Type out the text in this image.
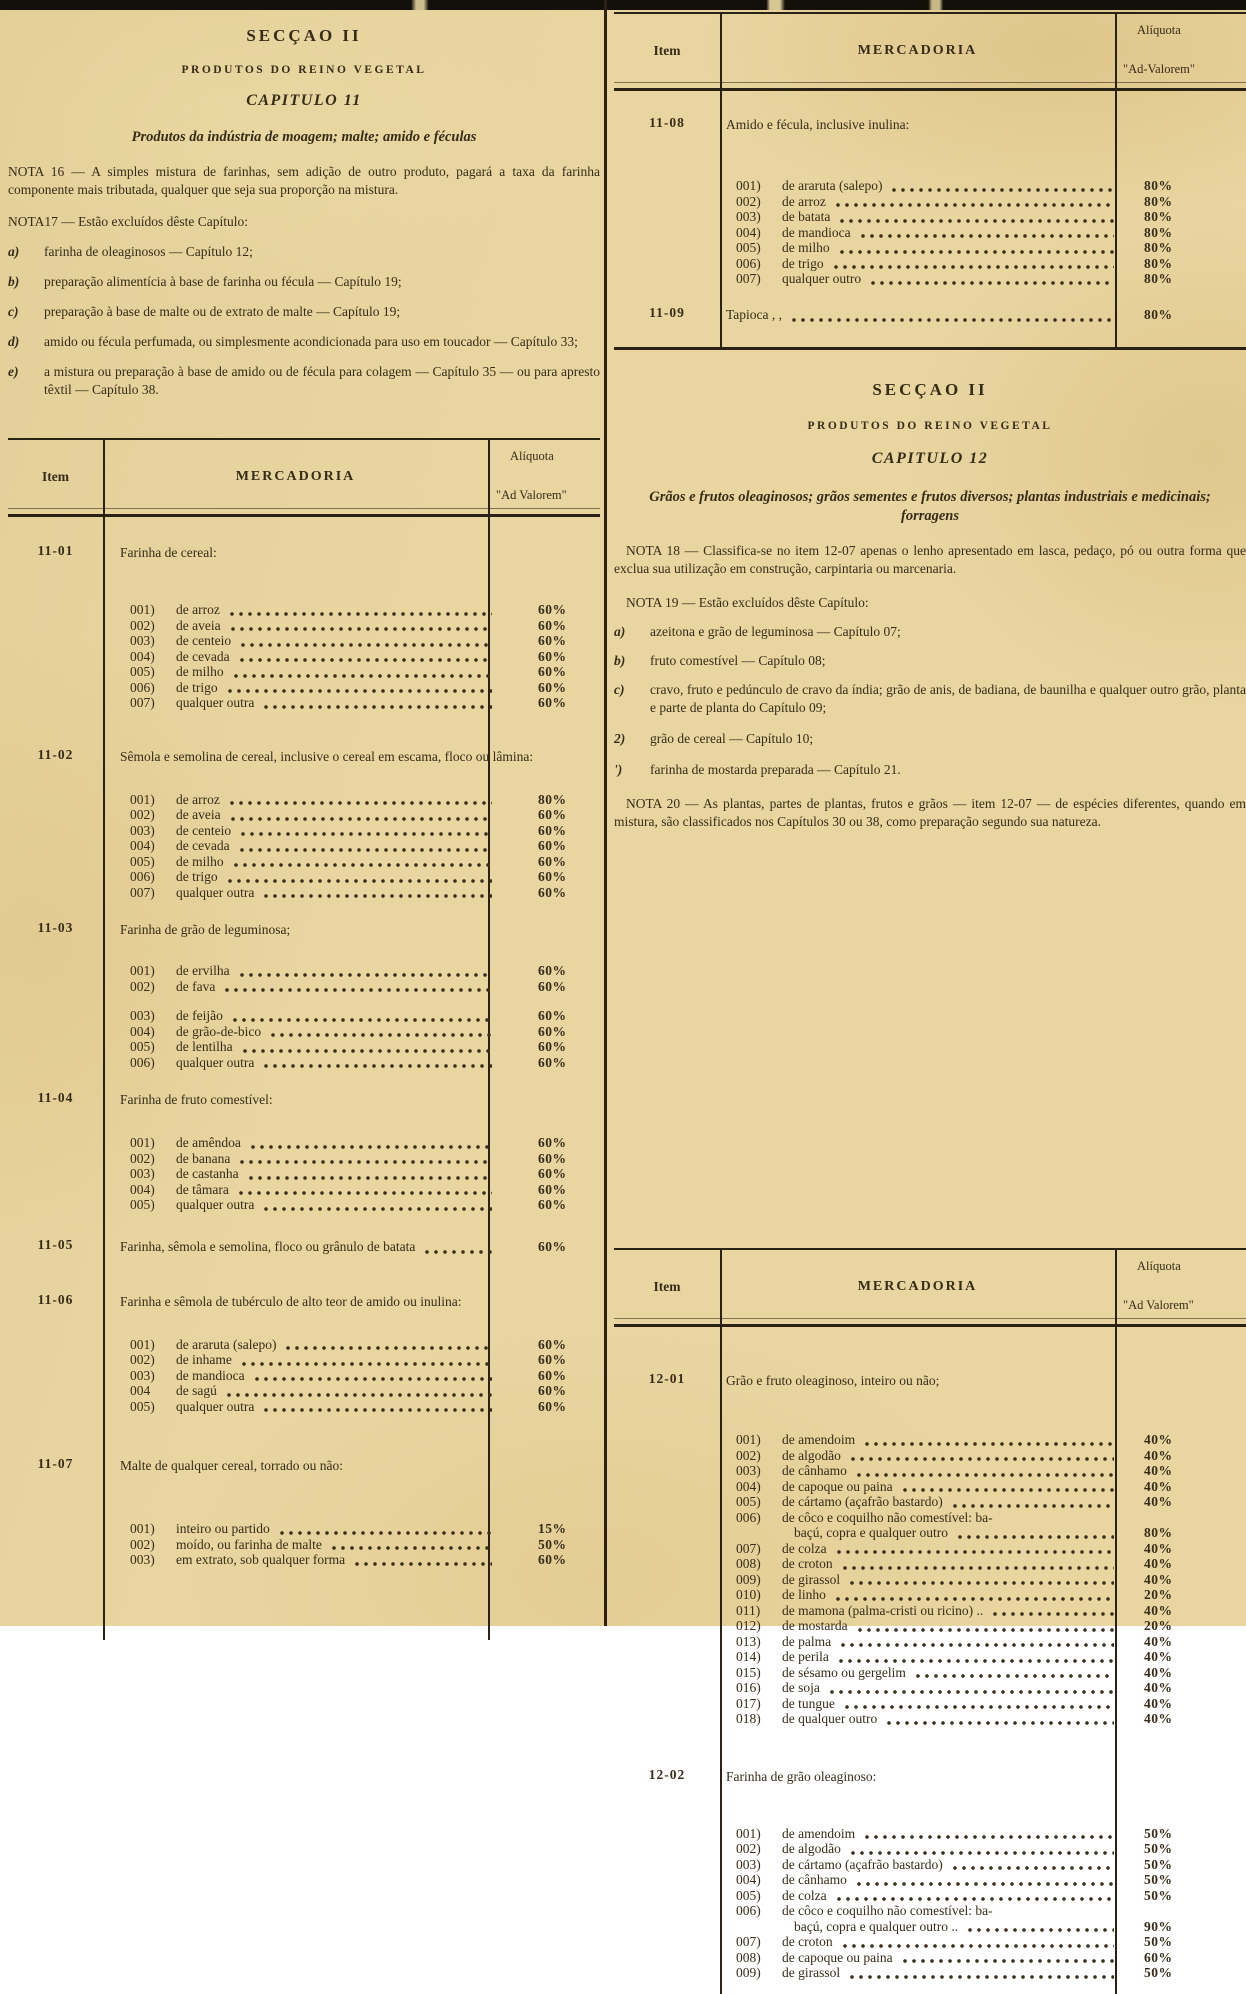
SECÇAO II
PRODUTOS DO REINO VEGETAL
CAPITULO 11

Produtos da indústria de moagem; malte; amido e féculas

NOTA 16 — A simples mistura de farinhas, sem adição de outro produto, pagará a taxa da farinha componente mais tributada, qualquer que seja sua proporção na mistura.

NOTA17 — Estão excluídos dêste Capítulo:

a)	farinha de oleaginosos — Capítulo 12;
b)	preparação alimentícia à base de farinha ou fécula — Capítulo 19;
c)	preparação à base de malte ou de extrato de malte — Capítulo 19;
d)	amido ou fécula perfumada, ou simplesmente acondicionada para uso em toucador — Capítulo 33;
e)	a mistura ou preparação à base de amido ou de fécula para colagem — Capítulo 35 — ou para apresto têxtil — Capítulo 38.
Item	MERCADORIA
Alíquota
"Ad Valorem"
11-01	Farinha de cereal:
001)	de arroz	60%
002)	de aveia	60%
003)	de centeio	60%
004)	de cevada	60%
005)	de milho	60%
006)	de trigo	60%
007)	qualquer outra	60%
11-02	Sêmola e semolina de cereal, inclusive o cereal em escama, floco ou lâmina:
001)	de arroz	80%
002)	de aveia	60%
003)	de centeio	60%
004)	de cevada	60%
005)	de milho	60%
006)	de trigo	60%
007)	qualquer outra	60%
11-03	Farinha de grão de leguminosa;
001)	de ervilha	60%
002)	de fava	60%
003)	de feijão	60%
004)	de grão-de-bico	60%
005)	de lentilha	60%
006)	qualquer outra	60%
11-04	Farinha de fruto comestível:
001)	de amêndoa	60%
002)	de banana	60%
003)	de castanha	60%
004)	de tâmara	60%
005)	qualquer outra	60%
11-05	Farinha, sêmola e semolina, floco ou grânulo de batata	60%
11-06	Farinha e sêmola de tubérculo de alto teor de amido ou inulina:
001)	de araruta (salepo)	60%
002)	de inhame	60%
003)	de mandioca	60%
004	de sagú	60%
005)	qualquer outra	60%
11-07	Malte de qualquer cereal, torrado ou não:
001)	inteiro ou partido	15%
002)	moído, ou farinha de malte	50%
003)	em extrato, sob qualquer forma	60%
Item	MERCADORIA
Alíquota
"Ad-Valorem"
11-08	Amido e fécula, inclusive inulina:
001)	de araruta (salepo)	80%
002)	de arroz	80%
003)	de batata	80%
004)	de mandioca	80%
005)	de milho	80%
006)	de trigo	80%
007)	qualquer outro	80%
11-09	Tapioca , ,	80%
SECÇAO II
PRODUTOS DO REINO VEGETAL
CAPITULO 12

Grãos e frutos oleaginosos; grãos sementes e frutos diversos; plantas industriais e medicinais; forragens

NOTA 18 — Classifica-se no item 12-07 apenas o lenho apresentado em lasca, pedaço, pó ou outra forma que exclua sua utilização em construção, carpintaria ou marcenaria.

NOTA 19 — Estão excluídos dêste Capítulo:

a)	azeitona e grão de leguminosa — Capítulo 07;
b)	fruto comestível — Capítulo 08;
c)	cravo, fruto e pedúnculo de cravo da índia; grão de anis, de badiana, de baunilha e qualquer outro grão, planta e parte de planta do Capítulo 09;
2)	grão de cereal — Capítulo 10;
')	farinha de mostarda preparada — Capítulo 21.

NOTA 20 — As plantas, partes de plantas, frutos e grãos — item 12-07 — de espécies diferentes, quando em mistura, são classificados nos Capítulos 30 ou 38, como preparação segundo sua natureza.

Item	MERCADORIA
Alíquota
"Ad Valorem"
12-01	Grão e fruto oleaginoso, inteiro ou não;
001)	de amendoim	40%
002)	de algodão	40%
003)	de cânhamo	40%
004)	de capoque ou paina	40%
005)	de cártamo (açafrão bastardo)	40%
006)	de côco e coquilho não comestível: ba-
baçú, copra e qualquer outro	80%
007)	de colza	40%
008)	de croton	40%
009)	de girassol	40%
010)	de linho	20%
011)	de mamona (palma-cristi ou ricino) ..	40%
012)	de mostarda	20%
013)	de palma	40%
014)	de perila	40%
015)	de sésamo ou gergelim	40%
016)	de soja	40%
017)	de tungue	40%
018)	de qualquer outro	40%
12-02	Farinha de grão oleaginoso:
001)	de amendoim	50%
002)	de algodão	50%
003)	de cártamo (açafrão bastardo)	50%
004)	de cânhamo	50%
005)	de colza	50%
006)	de côco e coquilho não comestível: ba-
baçú, copra e qualquer outro ..	90%
007)	de croton	50%
008)	de capoque ou paina	60%
009)	de girassol	50%
